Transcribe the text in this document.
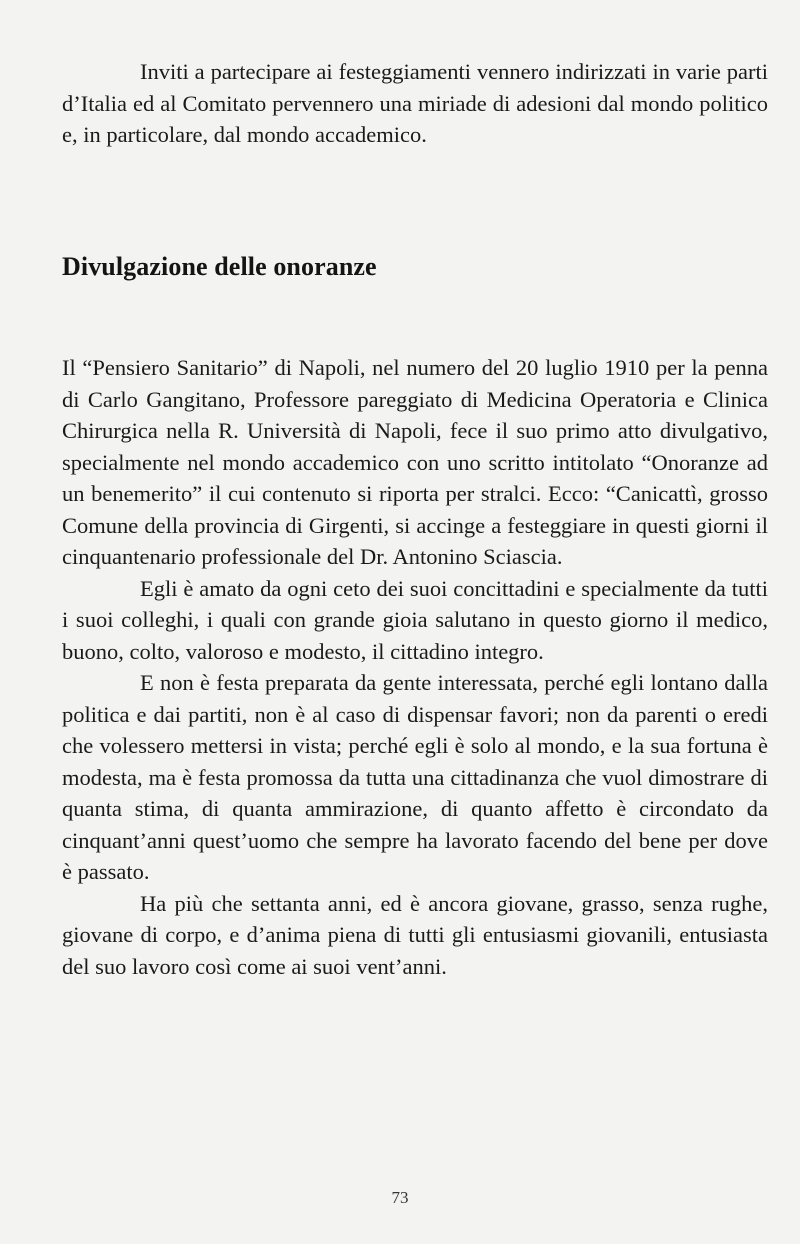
Inviti a partecipare ai festeggiamenti vennero indirizzati in varie parti d’Italia ed al Comitato pervennero una miriade di adesioni dal mondo politico e, in particolare, dal mondo accademico.

Divulgazione delle onoranze

Il “Pensiero Sanitario” di Napoli, nel numero del 20 luglio 1910 per la penna di Carlo Gangitano, Professore pareggiato di Medicina Operatoria e Clinica Chirurgica nella R. Università di Napoli, fece il suo primo atto divulgativo, specialmente nel mondo accademico con uno scritto intitolato “Onoranze ad un benemerito” il cui contenuto si riporta per stralci. Ecco: “Canicattì, grosso Comune della provincia di Girgenti, si accinge a festeggiare in questi giorni il cinquantenario professionale del Dr. Antonino Sciascia.

Egli è amato da ogni ceto dei suoi concittadini e specialmente da tutti i suoi colleghi, i quali con grande gioia salutano in questo giorno il medico, buono, colto, valoroso e modesto, il cittadino integro.

E non è festa preparata da gente interessata, perché egli lontano dalla politica e dai partiti, non è al caso di dispensar favori; non da parenti o eredi che volessero mettersi in vista; perché egli è solo al mondo, e la sua fortuna è modesta, ma è festa promossa da tutta una cittadinanza che vuol dimostrare di quanta stima, di quanta ammirazione, di quanto affetto è circondato da cinquant’anni quest’uomo che sempre ha lavorato facendo del bene per dove è passato.

Ha più che settanta anni, ed è ancora giovane, grasso, senza rughe, giovane di corpo, e d’anima piena di tutti gli entusiasmi giovanili, entusiasta del suo lavoro così come ai suoi vent’anni.

73
